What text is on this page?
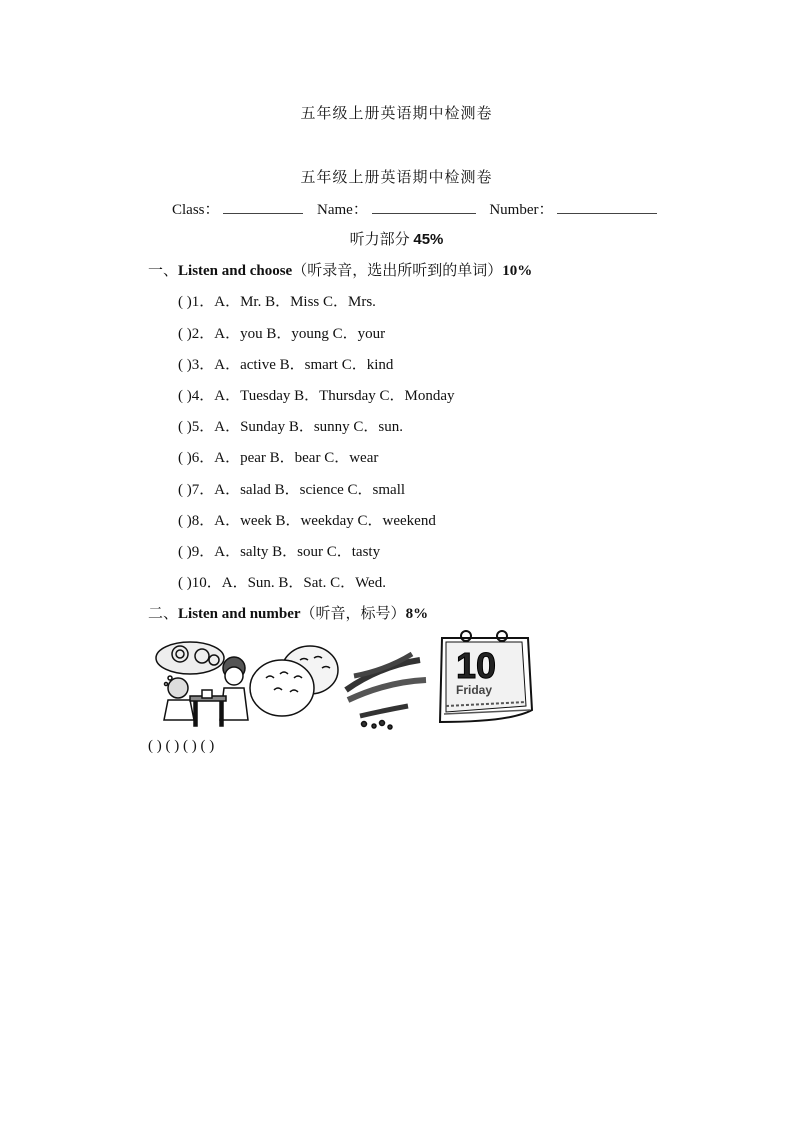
五年级上册英语期中检测卷
五年级上册英语期中检测卷
Class：	Name：	Number：
听力部分 45%
一、Listen and choose（听录音，选出所听到的单词）10%
( )1．A．Mr. B．Miss C．Mrs.
( )2．A．you B．young C．your
( )3．A．active B．smart C．kind
( )4．A．Tuesday B．Thursday C．Monday
( )5．A．Sunday B．sunny C．sun.
( )6．A．pear B．bear C．wear
( )7．A．salad B．science C．small
( )8．A．week B．weekday C．weekend
( )9．A．salty B．sour C．tasty
( )10．A．Sun. B．Sat. C．Wed.
二、Listen and number（听音，标号）8%
10
Friday
( ) ( ) ( ) ( )
